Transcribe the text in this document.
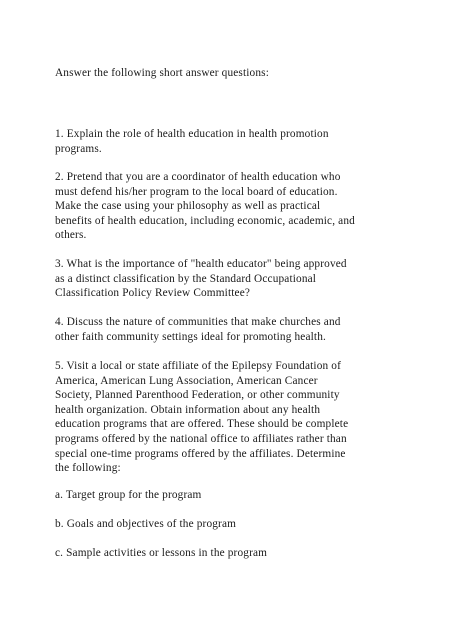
Answer the following short answer questions:

1. Explain the role of health education in health promotion
programs.

2. Pretend that you are a coordinator of health education who
must defend his/her program to the local board of education.
Make the case using your philosophy as well as practical
benefits of health education, including economic, academic, and
others.

3. What is the importance of "health educator" being approved
as a distinct classification by the Standard Occupational
Classification Policy Review Committee?

4. Discuss the nature of communities that make churches and
other faith community settings ideal for promoting health.

5. Visit a local or state affiliate of the Epilepsy Foundation of
America, American Lung Association, American Cancer
Society, Planned Parenthood Federation, or other community
health organization. Obtain information about any health
education programs that are offered. These should be complete
programs offered by the national office to affiliates rather than
special one-time programs offered by the affiliates. Determine
the following:

a. Target group for the program

b. Goals and objectives of the program

c. Sample activities or lessons in the program
